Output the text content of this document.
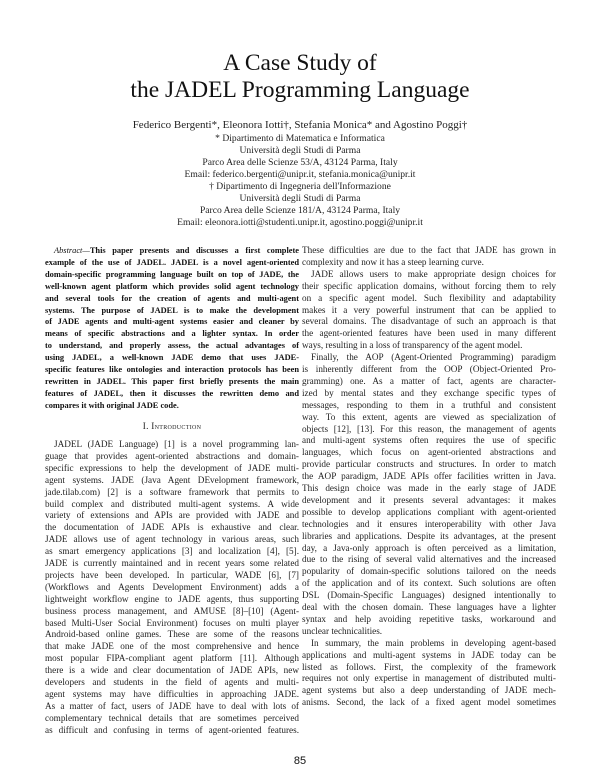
A Case Study of
the JADEL Programming Language
Federico Bergenti*, Eleonora Iotti†, Stefania Monica* and Agostino Poggi†
* Dipartimento di Matematica e Informatica
Università degli Studi di Parma
Parco Area delle Scienze 53/A, 43124 Parma, Italy
Email: federico.bergenti@unipr.it, stefania.monica@unipr.it
† Dipartimento di Ingegneria dell'Informazione
Università degli Studi di Parma
Parco Area delle Scienze 181/A, 43124 Parma, Italy
Email: eleonora.iotti@studenti.unipr.it, agostino.poggi@unipr.it
Abstract—This paper presents and discusses a first complete
example of the use of JADEL. JADEL is a novel agent-oriented
domain-specific programming language built on top of JADE, the
well-known agent platform which provides solid agent technology
and several tools for the creation of agents and multi-agent
systems. The purpose of JADEL is to make the development
of JADE agents and multi-agent systems easier and cleaner by
means of specific abstractions and a lighter syntax. In order
to understand, and properly assess, the actual advantages of
using JADEL, a well-known JADE demo that uses JADE-
specific features like ontologies and interaction protocols has been
rewritten in JADEL. This paper first briefly presents the main
features of JADEL, then it discusses the rewritten demo and
compares it with original JADE code.
I. Introduction
JADEL (JADE Language) [1] is a novel programming lan-
guage that provides agent-oriented abstractions and domain-
specific expressions to help the development of JADE multi-
agent systems. JADE (Java Agent DEvelopment framework,
jade.tilab.com) [2] is a software framework that permits to
build complex and distributed multi-agent systems. A wide
variety of extensions and APIs are provided with JADE and
the documentation of JADE APIs is exhaustive and clear.
JADE allows use of agent technology in various areas, such
as smart emergency applications [3] and localization [4], [5].
JADE is currently maintained and in recent years some related
projects have been developed. In particular, WADE [6], [7]
(Workflows and Agents Development Environment) adds a
lightweight workflow engine to JADE agents, thus supporting
business process management, and AMUSE [8]–[10] (Agent-
based Multi-User Social Environment) focuses on multi player
Android-based online games. These are some of the reasons
that make JADE one of the most comprehensive and hence
most popular FIPA-compliant agent platform [11]. Although
there is a wide and clear documentation of JADE APIs, new
developers and students in the field of agents and multi-
agent systems may have difficulties in approaching JADE.
As a matter of fact, users of JADE have to deal with lots of
complementary technical details that are sometimes perceived
as difficult and confusing in terms of agent-oriented features.
These difficulties are due to the fact that JADE has grown in
complexity and now it has a steep learning curve.
JADE allows users to make appropriate design choices for
their specific application domains, without forcing them to rely
on a specific agent model. Such flexibility and adaptability
makes it a very powerful instrument that can be applied to
several domains. The disadvantage of such an approach is that
the agent-oriented features have been used in many different
ways, resulting in a loss of transparency of the agent model.
Finally, the AOP (Agent-Oriented Programming) paradigm
is inherently different from the OOP (Object-Oriented Pro-
gramming) one. As a matter of fact, agents are character-
ized by mental states and they exchange specific types of
messages, responding to them in a truthful and consistent
way. To this extent, agents are viewed as specialization of
objects [12], [13]. For this reason, the management of agents
and multi-agent systems often requires the use of specific
languages, which focus on agent-oriented abstractions and
provide particular constructs and structures. In order to match
the AOP paradigm, JADE APIs offer facilities written in Java.
This design choice was made in the early stage of JADE
development and it presents several advantages: it makes
possible to develop applications compliant with agent-oriented
technologies and it ensures interoperability with other Java
libraries and applications. Despite its advantages, at the present
day, a Java-only approach is often perceived as a limitation,
due to the rising of several valid alternatives and the increased
popularity of domain-specific solutions tailored on the needs
of the application and of its context. Such solutions are often
DSL (Domain-Specific Languages) designed intentionally to
deal with the chosen domain. These languages have a lighter
syntax and help avoiding repetitive tasks, workaround and
unclear technicalities.
In summary, the main problems in developing agent-based
applications and multi-agent systems in JADE today can be
listed as follows. First, the complexity of the framework
requires not only expertise in management of distributed multi-
agent systems but also a deep understanding of JADE mech-
anisms. Second, the lack of a fixed agent model sometimes
85
